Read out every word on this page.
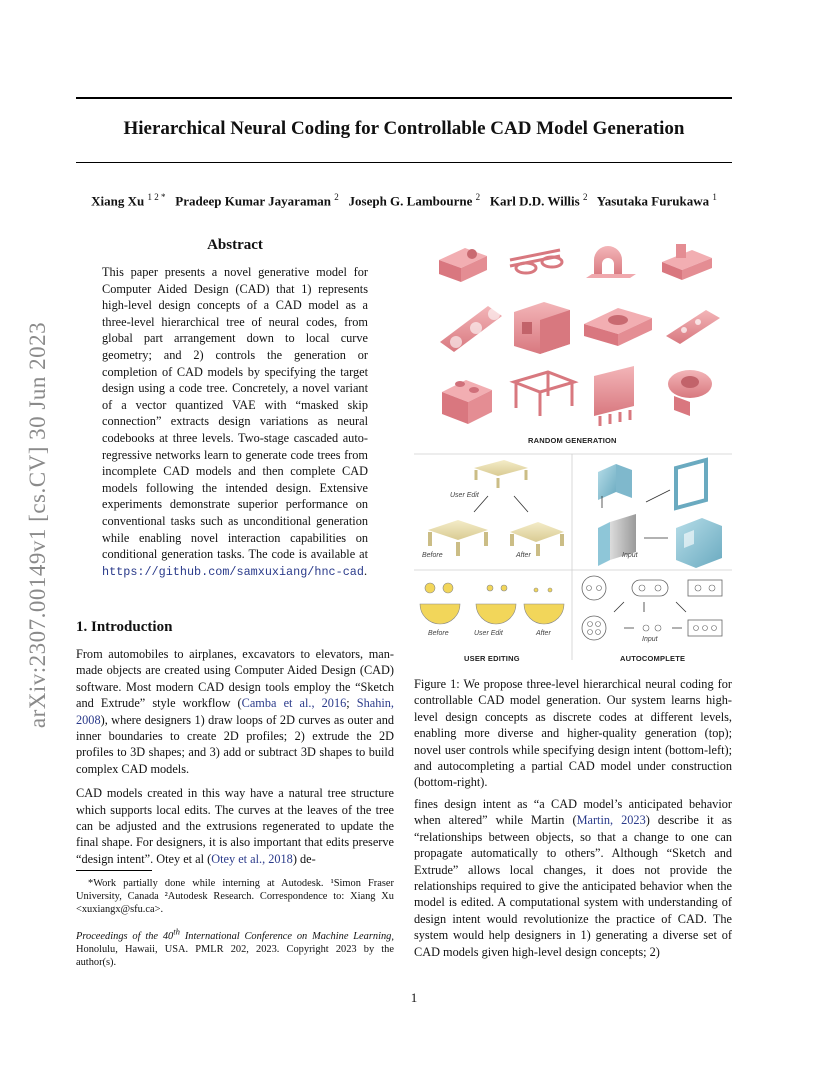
arXiv:2307.00149v1 [cs.CV] 30 Jun 2023
Hierarchical Neural Coding for Controllable CAD Model Generation
Xiang Xu $^{1 2 *}$ Pradeep Kumar Jayaraman $^2$ Joseph G. Lambourne $^2$ Karl D.D. Willis $^2$ Yasutaka Furukawa $^1$
Abstract
This paper presents a novel generative model for Computer Aided Design (CAD) that 1) represents high-level design concepts of a CAD model as a three-level hierarchical tree of neural codes, from global part arrangement down to local curve geometry; and 2) controls the generation or completion of CAD models by specifying the target design using a code tree. Concretely, a novel variant of a vector quantized VAE with “masked skip connection” extracts design variations as neural codebooks at three levels. Two-stage cascaded auto-regressive networks learn to generate code trees from incomplete CAD models and then complete CAD models following the intended design. Extensive experiments demonstrate superior performance on conventional tasks such as unconditional generation while enabling novel interaction capabilities on conditional generation tasks. The code is available at https://github.com/samxuxiang/hnc-cad.
1. Introduction

From automobiles to airplanes, excavators to elevators, man-made objects are created using Computer Aided Design (CAD) software. Most modern CAD design tools employ the “Sketch and Extrude” style workflow (Camba et al., 2016; Shahin, 2008), where designers 1) draw loops of 2D curves as outer and inner boundaries to create 2D profiles; 2) extrude the 2D profiles to 3D shapes; and 3) add or subtract 3D shapes to build complex CAD models.

CAD models created in this way have a natural tree structure which supports local edits. The curves at the leaves of the tree can be adjusted and the extrusions regenerated to update the final shape. For designers, it is also important that edits preserve “design intent”. Otey et al (Otey et al., 2018) de-

*Work partially done while interning at Autodesk. ¹Simon Fraser University, Canada ²Autodesk Research. Correspondence to: Xiang Xu <xuxiangx@sfu.ca>.

Proceedings of the 40th International Conference on Machine Learning, Honolulu, Hawaii, USA. PMLR 202, 2023. Copyright 2023 by the author(s).

RANDOM GENERATION
User Edit
Before	After	Input
Before	User Edit	After
Input
USER EDITING	AUTOCOMPLETE
Figure 1: We propose three-level hierarchical neural coding for controllable CAD model generation. Our system learns high-level design concepts as discrete codes at different levels, enabling more diverse and higher-quality generation (top); novel user controls while specifying design intent (bottom-left); and autocompleting a partial CAD model under construction (bottom-right).
fines design intent as “a CAD model’s anticipated behavior when altered” while Martin (Martin, 2023) describe it as “relationships between objects, so that a change to one can propagate automatically to others”. Although “Sketch and Extrude” allows local changes, it does not provide the relationships required to give the anticipated behavior when the model is edited. A computational system with understanding of design intent would revolutionize the practice of CAD. The system would help designers in 1) generating a diverse set of CAD models given high-level design concepts; 2)
1
